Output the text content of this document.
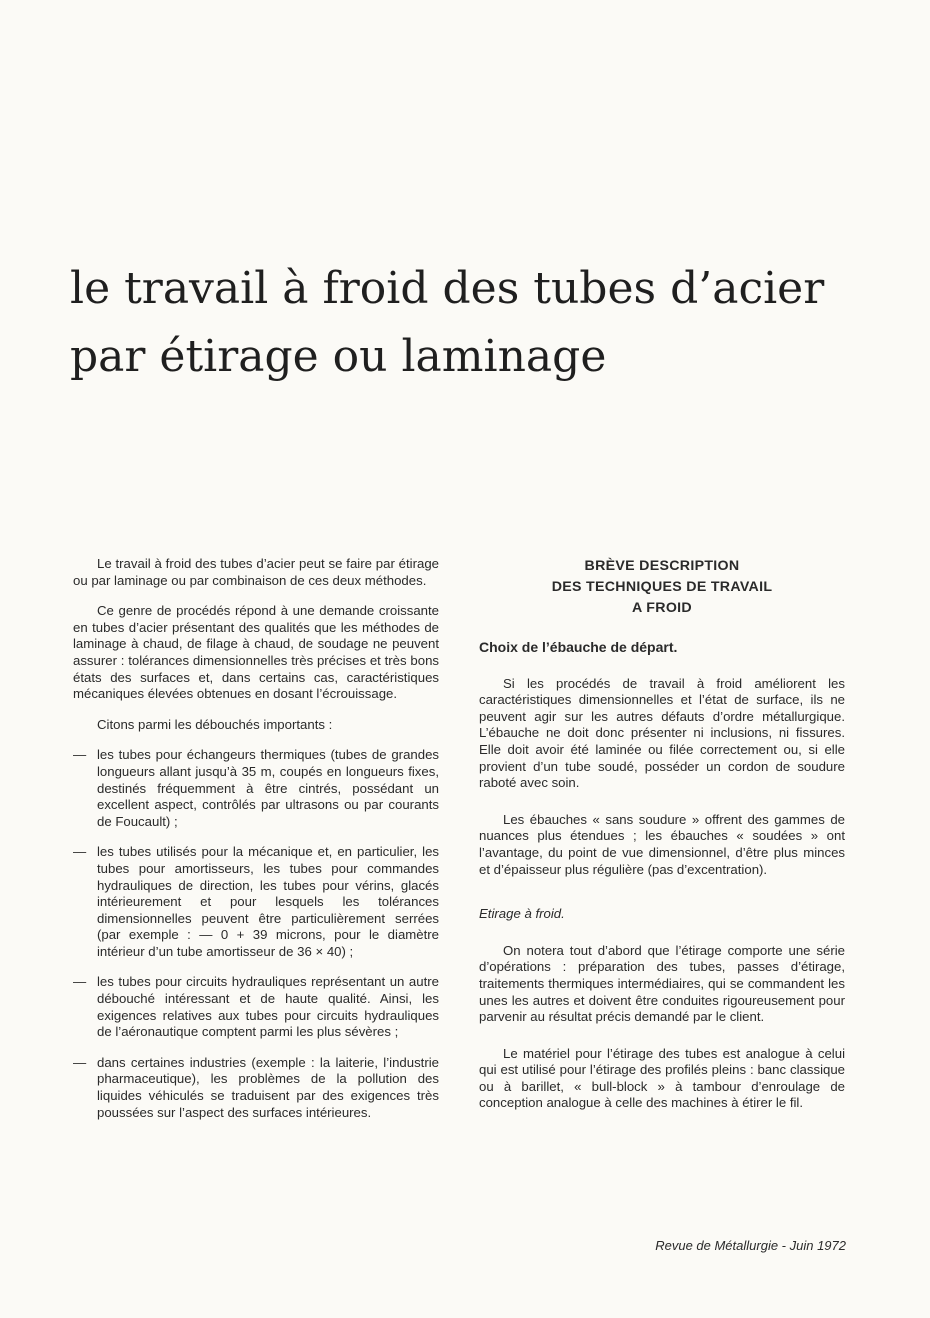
le travail à froid des tubes d’acier
par étirage ou laminage

Le travail à froid des tubes d’acier peut se faire par étirage ou par laminage ou par combinaison de ces deux méthodes.

Ce genre de procédés répond à une demande croissante en tubes d’acier présentant des qualités que les méthodes de laminage à chaud, de filage à chaud, de soudage ne peuvent assurer : tolérances dimensionnelles très précises et très bons états des surfaces et, dans certains cas, caractéristiques mécaniques élevées obtenues en dosant l’écrouissage.

Citons parmi les débouchés importants :

— les tubes pour échangeurs thermiques (tubes de grandes longueurs allant jusqu’à 35 m, coupés en longueurs fixes, destinés fréquemment à être cintrés, possédant un excellent aspect, contrôlés par ultrasons ou par courants de Foucault) ;
— les tubes utilisés pour la mécanique et, en particulier, les tubes pour amortisseurs, les tubes pour commandes hydrauliques de direction, les tubes pour vérins, glacés intérieurement et pour lesquels les tolérances dimensionnelles peuvent être particulièrement serrées (par exemple : — 0 + 39 microns, pour le diamètre intérieur d’un tube amortisseur de 36 × 40) ;
— les tubes pour circuits hydrauliques représentant un autre débouché intéressant et de haute qualité. Ainsi, les exigences relatives aux tubes pour circuits hydrauliques de l’aéronautique comptent parmi les plus sévères ;
— dans certaines industries (exemple : la laiterie, l’industrie pharmaceutique), les problèmes de la pollution des liquides véhiculés se traduisent par des exigences très poussées sur l’aspect des surfaces intérieures.
BRÈVE DESCRIPTION
DES TECHNIQUES DE TRAVAIL
A FROID

Choix de l’ébauche de départ.

Si les procédés de travail à froid améliorent les caractéristiques dimensionnelles et l’état de surface, ils ne peuvent agir sur les autres défauts d’ordre métallurgique. L’ébauche ne doit donc présenter ni inclusions, ni fissures. Elle doit avoir été laminée ou filée correctement ou, si elle provient d’un tube soudé, posséder un cordon de soudure raboté avec soin.

Les ébauches « sans soudure » offrent des gammes de nuances plus étendues ; les ébauches « soudées » ont l’avantage, du point de vue dimensionnel, d’être plus minces et d’épaisseur plus régulière (pas d’excentration).

Etirage à froid.

On notera tout d’abord que l’étirage comporte une série d’opérations : préparation des tubes, passes d’étirage, traitements thermiques intermédiaires, qui se commandent les unes les autres et doivent être conduites rigoureusement pour parvenir au résultat précis demandé par le client.

Le matériel pour l’étirage des tubes est analogue à celui qui est utilisé pour l’étirage des profilés pleins : banc classique ou à barillet, « bull-block » à tambour d’enroulage de conception analogue à celle des machines à étirer le fil.

Revue de Métallurgie - Juin 1972
